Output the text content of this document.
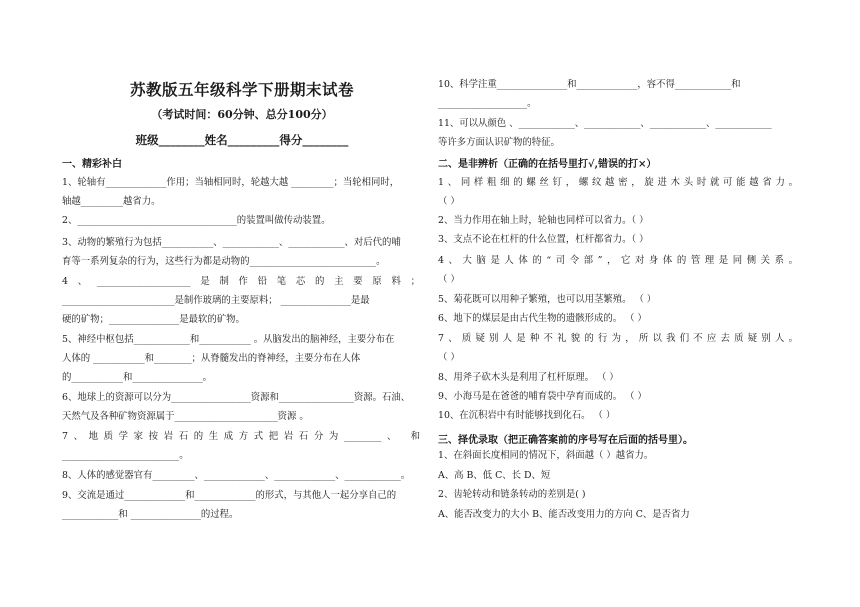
苏教版五年级科学下册期末试卷
（考试时间：60分钟、总分100分）
班级________姓名_________得分________
一、精彩补白
1、轮轴有_____________作用；当轴相同时，轮越大越 _________；当轮相同时，
轴越_________越省力。
2、__________________________________的装置叫做传动装置。
3、动物的繁殖行为包括___________、____________、____________、对后代的哺
育等一系列复杂的行为，这些行为都是动物的___________________________。
4、____________________是制作铅笔芯的主要原料；
________________________是制作玻璃的主要原料； _______________是最
硬的矿物；_______________是最软的矿物。
5、神经中枢包括____________和___________ 。从脑发出的脑神经，主要分布在
人体的 ___________和________；从脊髓发出的脊神经，主要分布在人体
的___________和_______________。
6、地球上的资源可以分为_________________资源和________________资源。石油、
天然气及各种矿物资源属于______________________资源 。
7、地质学家按岩石的生成方式把岩石分为________、 和
_________________________。
8、人体的感觉器官有_________、_____________、_____________、____________。
9、交流是通过_____________和_____________的形式，与其他人一起分享自己的
____________和 _______________的过程。
10、科学注重_______________和_____________，容不得____________和
___________________。
11、可以从颜色 、____________、____________、____________、____________
等许多方面认识矿物的特征。
二、是非辨析（正确的在括号里打√,错误的打×）
1、同样粗细的螺丝钉，螺纹越密，旋进木头时就可能越省力。
（ ）
2、当力作用在轴上时，轮轴也同样可以省力。（ ）
3、支点不论在杠杆的什么位置，杠杆都省力。（ ）
4、大脑是人体的“司令部”，它对身体的管理是同侧关系。
（ ）
5、菊花既可以用种子繁殖，也可以用茎繁殖。 （ ）
6、地下的煤层是由古代生物的遗骸形成的。 （ ）
7、质疑别人是种不礼貌的行为，所以我们不应去质疑别人。
（ ）
8、用斧子砍木头是利用了杠杆原理。 （ ）
9、小海马是在爸爸的哺育袋中孕育而成的。 （ ）
10、在沉积岩中有时能够找到化石。 （ ）
三、择优录取（把正确答案前的序号写在后面的括号里）。
1、在斜面长度相同的情况下，斜面越（ ）越省力。
A、高 B、低 C、长 D、短
2、齿轮转动和链条转动的差别是( )
A、能否改变力的大小 B、能否改变用力的方向 C、是否省力
